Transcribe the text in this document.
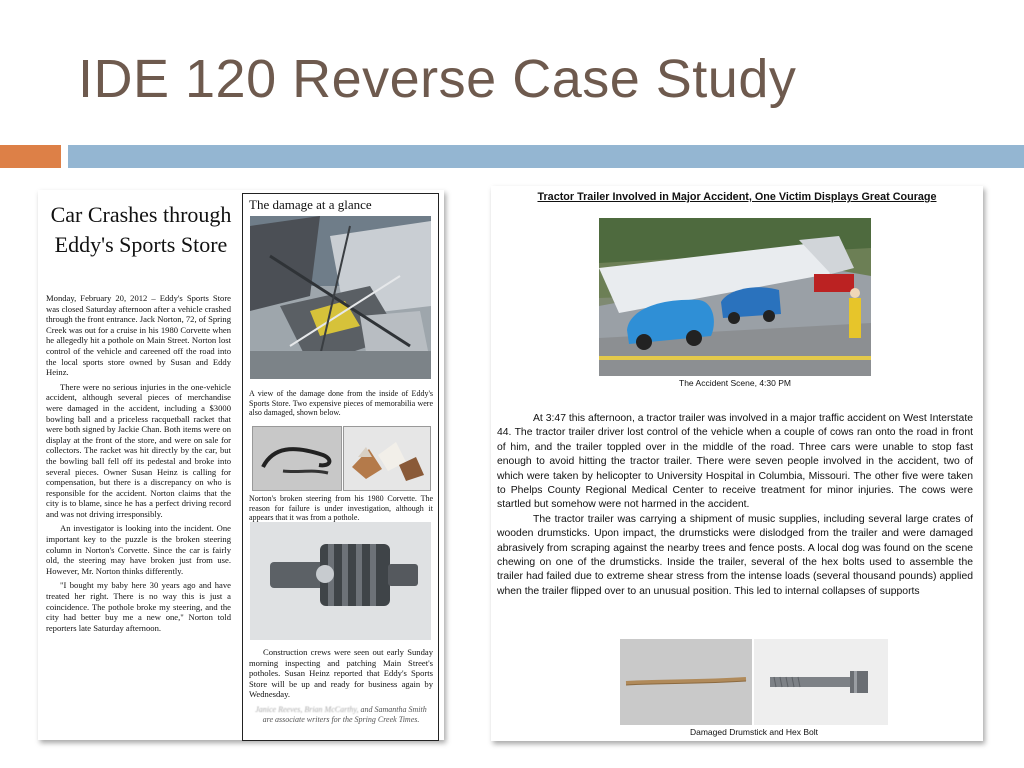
IDE 120 Reverse Case Study
Car Crashes through Eddy's Sports Store

Monday, February 20, 2012 – Eddy's Sports Store was closed Saturday afternoon after a vehicle crashed through the front entrance. Jack Norton, 72, of Spring Creek was out for a cruise in his 1980 Corvette when he allegedly hit a pothole on Main Street. Norton lost control of the vehicle and careened off the road into the local sports store owned by Susan and Eddy Heinz.

There were no serious injuries in the one-vehicle accident, although several pieces of merchandise were damaged in the accident, including a $3000 bowling ball and a priceless racquetball racket that were both signed by Jackie Chan. Both items were on display at the front of the store, and were on sale for collectors. The racket was hit directly by the car, but the bowling ball fell off its pedestal and broke into several pieces. Owner Susan Heinz is calling for compensation, but there is a discrepancy on who is responsible for the accident. Norton claims that the city is to blame, since he has a perfect driving record and was not driving irresponsibly.

An investigator is looking into the incident. One important key to the puzzle is the broken steering column in Norton's Corvette. Since the car is fairly old, the steering may have broken just from use. However, Mr. Norton thinks differently.

"I bought my baby here 30 years ago and have treated her right. There is no way this is just a coincidence. The pothole broke my steering, and the city had better buy me a new one," Norton told reporters late Saturday afternoon.

The damage at a glance
A view of the damage done from the inside of Eddy's Sports Store. Two expensive pieces of memorabilia were also damaged, shown below.
Norton's broken steering from his 1980 Corvette. The reason for failure is under investigation, although it appears that it was from a pothole.
Construction crews were seen out early Sunday morning inspecting and patching Main Street's potholes. Susan Heinz reported that Eddy's Sports Store will be up and ready for business again by Wednesday.
Janice Reeves, Brian McCarthy, and Samantha Smith are associate writers for the Spring Creek Times.
Tractor Trailer Involved in Major Accident, One Victim Displays Great Courage
The Accident Scene, 4:30 PM

At 3:47 this afternoon, a tractor trailer was involved in a major traffic accident on West Interstate 44. The tractor trailer driver lost control of the vehicle when a couple of cows ran onto the road in front of him, and the trailer toppled over in the middle of the road. Three cars were unable to stop fast enough to avoid hitting the tractor trailer. There were seven people involved in the accident, two of which were taken by helicopter to University Hospital in Columbia, Missouri. The other five were taken to Phelps County Regional Medical Center to receive treatment for minor injuries. The cows were startled but somehow were not harmed in the accident.

The tractor trailer was carrying a shipment of music supplies, including several large crates of wooden drumsticks. Upon impact, the drumsticks were dislodged from the trailer and were damaged abrasively from scraping against the nearby trees and fence posts. A local dog was found on the scene chewing on one of the drumsticks. Inside the trailer, several of the hex bolts used to assemble the trailer had failed due to extreme shear stress from the intense loads (several thousand pounds) applied when the trailer flipped over to an unusual position. This led to internal collapses of supports

Damaged Drumstick and Hex Bolt
